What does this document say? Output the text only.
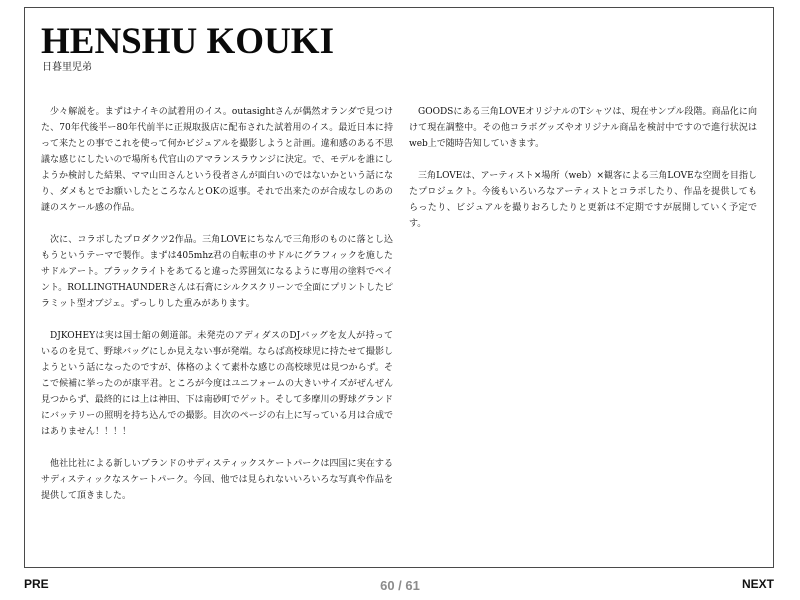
HENSHU KOUKI
日暮里児弟

少々解説を。まずはナイキの試着用のイス。outasightさんが偶然オランダで見つけた、70年代後半ー80年代前半に正規取扱店に配布された試着用のイス。最近日本に持って来たとの事でこれを使って何かビジュアルを撮影しようと計画。違和感のある不思議な感じにしたいので場所も代官山のアマランスラウンジに決定。で、モデルを誰にしようか検討した結果、ママ山田さんという役者さんが面白いのではないかという話になり、ダメもとでお願いしたところなんとOKの返事。それで出来たのが合成なしのあの謎のスケール感の作品。

次に、コラボしたプロダクツ2作品。三角LOVEにちなんで三角形のものに落とし込もうというテーマで製作。まずは405mhz君の自転車のサドルにグラフィックを施したサドルアート。ブラックライトをあてると違った雰囲気になるように専用の塗料でペイント。ROLLINGTHAUNDERさんは石膏にシルクスクリーンで全面にプリントしたピラミット型オブジェ。ずっしりした重みがあります。

DJKOHEYは実は国士舘の剣道部。未発売のアディダスのDJバッグを友人が持っているのを見て、野球バッグにしか見えない事が発端。ならば高校球児に持たせて撮影しようという話になったのですが、体格のよくて素朴な感じの高校球児は見つからず。そこで候補に挙ったのが康平君。ところが今度はユニフォームの大きいサイズがぜんぜん見つからず、最終的には上は神田、下は南砂町でゲット。そして多摩川の野球グランドにバッテリーの照明を持ち込んでの撮影。目次のページの右上に写っている月は合成ではありません！！！！

他社比社による新しいブランドのサディスティックスケートパークは四国に実在するサディスティックなスケートパーク。今回、他では見られないいろいろな写真や作品を提供して頂きました。

GOODSにある三角LOVEオリジナルのTシャツは、現在サンプル段階。商品化に向けて現在調整中。その他コラボグッズやオリジナル商品を検討中ですので進行状況はweb上で随時告知していきます。

三角LOVEは、アーティスト×場所（web）×観客による三角LOVEな空間を目指したプロジェクト。今後もいろいろなアーティストとコラボしたり、作品を提供してもらったり、ビジュアルを撮りおろしたりと更新は不定期ですが展開していく予定です。

PRE	60 / 61	NEXT
